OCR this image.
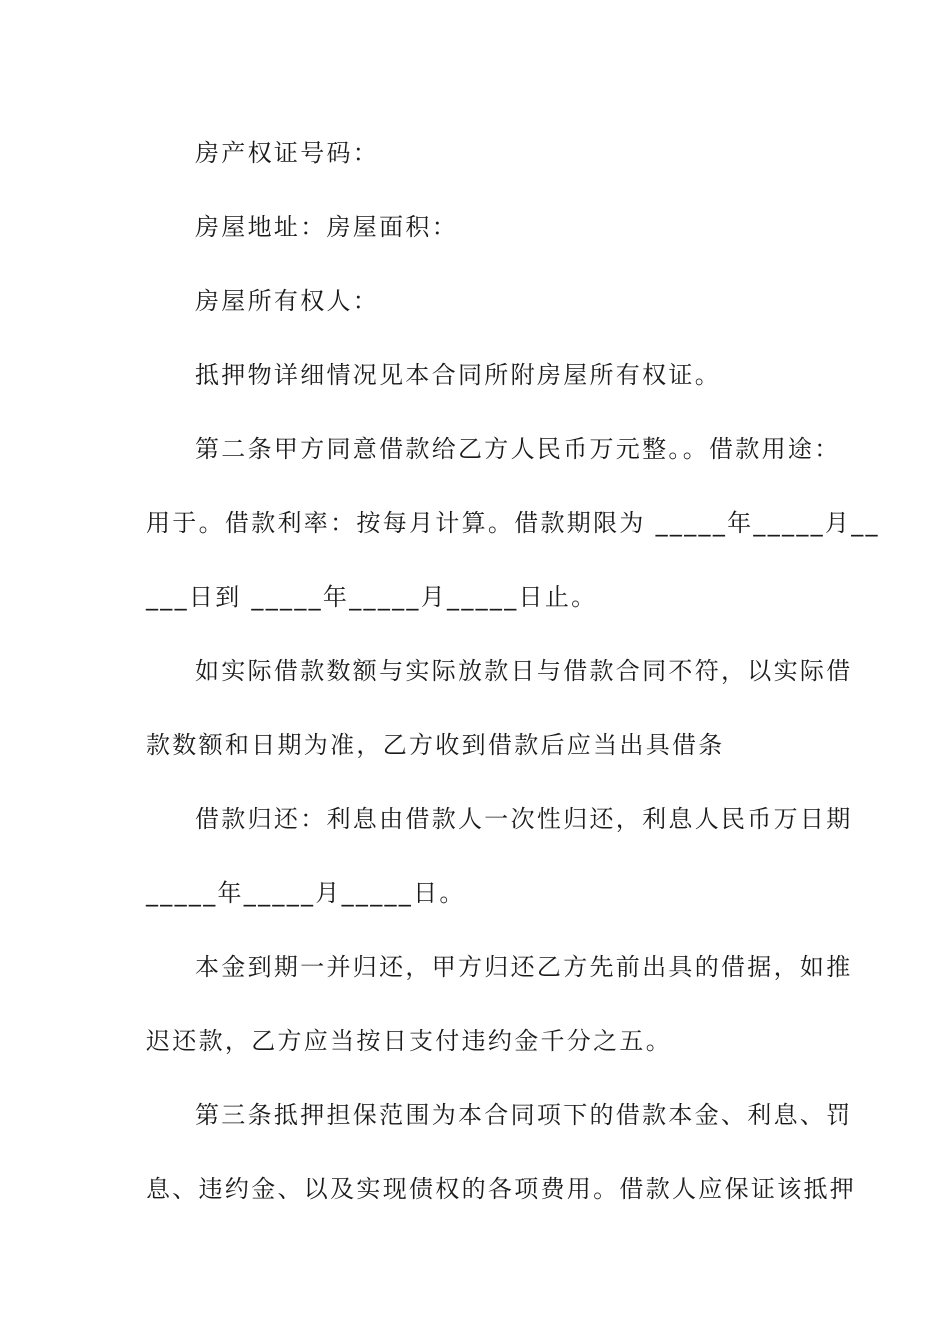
房产权证号码：
房屋地址：房屋面积：
房屋所有权人：
抵押物详细情况见本合同所附房屋所有权证。
第二条甲方同意借款给乙方人民币万元整。。借款用途：
用于。借款利率：按每月计算。借款期限为 _____年_____月__
___日到 _____年_____月_____日止。
如实际借款数额与实际放款日与借款合同不符，以实际借
款数额和日期为准，乙方收到借款后应当出具借条
借款归还：利息由借款人一次性归还，利息人民币万日期
_____年_____月_____日。
本金到期一并归还，甲方归还乙方先前出具的借据，如推
迟还款，乙方应当按日支付违约金千分之五。
第三条抵押担保范围为本合同项下的借款本金、利息、罚
息、违约金、以及实现债权的各项费用。借款人应保证该抵押
